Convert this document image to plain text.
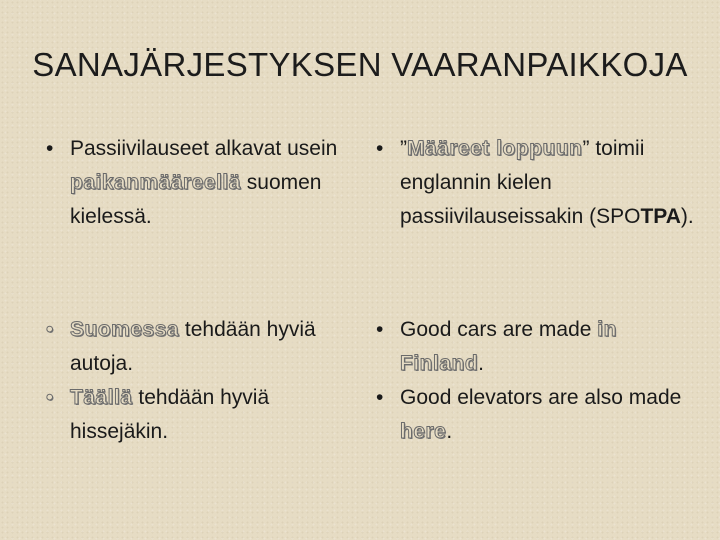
SANAJÄRJESTYKSEN VAARANPAIKKOJA

• Passiivilauseet alkavat usein paikanmääreellä suomen kielessä.

• Suomessa tehdään hyviä autoja.

• Täällä tehdään hyviä hissejäkin.

• ”Määreet loppuun” toimii englannin kielen passiivilauseissakin (SPOTPA).

• Good cars are made in Finland.

• Good elevators are also made here.
